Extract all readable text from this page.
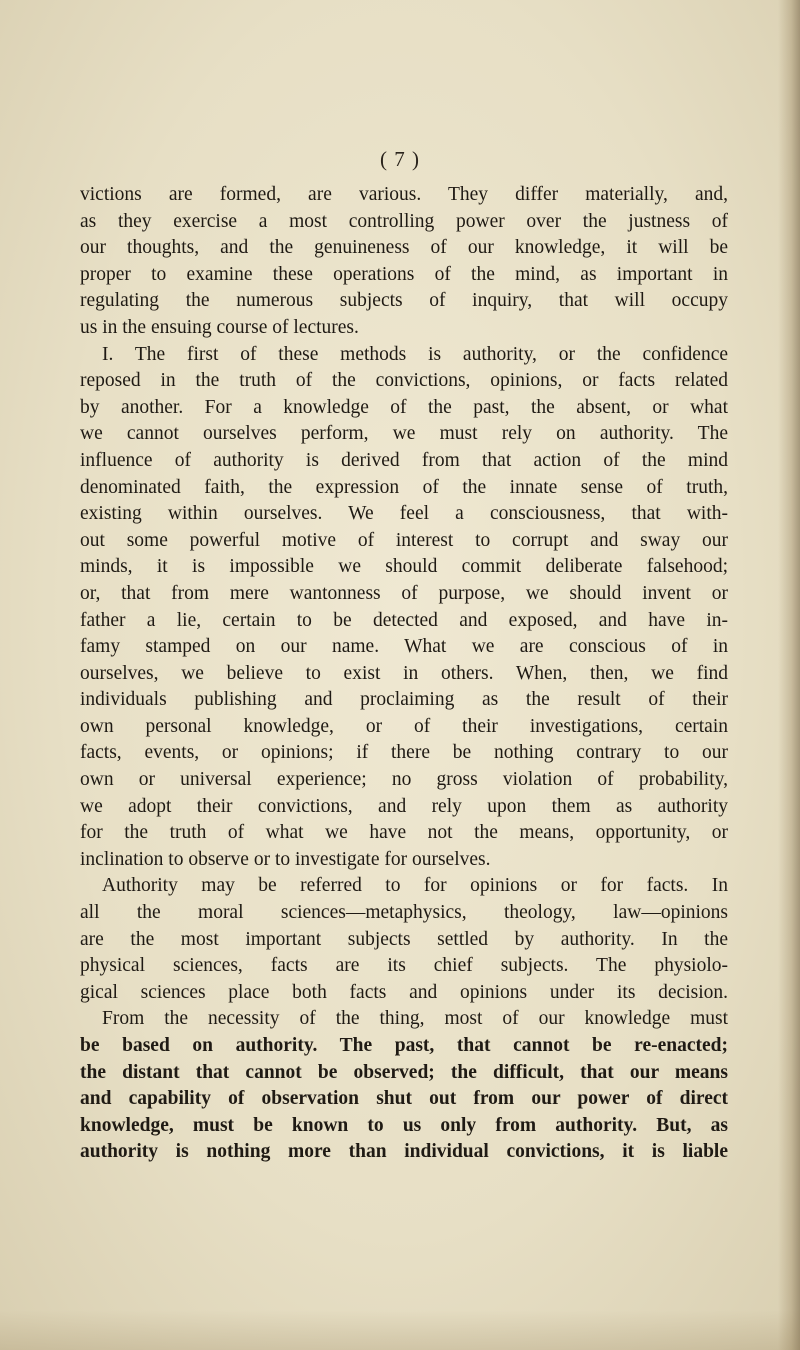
( 7 )
victions are formed, are various. They differ materially, and,
as they exercise a most controlling power over the justness of
our thoughts, and the genuineness of our knowledge, it will be
proper to examine these operations of the mind, as important in
regulating the numerous subjects of inquiry, that will occupy
us in the ensuing course of lectures.
I. The first of these methods is authority, or the confidence
reposed in the truth of the convictions, opinions, or facts related
by another. For a knowledge of the past, the absent, or what
we cannot ourselves perform, we must rely on authority. The
influence of authority is derived from that action of the mind
denominated faith, the expression of the innate sense of truth,
existing within ourselves. We feel a consciousness, that with-
out some powerful motive of interest to corrupt and sway our
minds, it is impossible we should commit deliberate falsehood;
or, that from mere wantonness of purpose, we should invent or
father a lie, certain to be detected and exposed, and have in-
famy stamped on our name. What we are conscious of in
ourselves, we believe to exist in others. When, then, we find
individuals publishing and proclaiming as the result of their
own personal knowledge, or of their investigations, certain
facts, events, or opinions; if there be nothing contrary to our
own or universal experience; no gross violation of probability,
we adopt their convictions, and rely upon them as authority
for the truth of what we have not the means, opportunity, or
inclination to observe or to investigate for ourselves.
Authority may be referred to for opinions or for facts. In
all the moral sciences—metaphysics, theology, law—opinions
are the most important subjects settled by authority. In the
physical sciences, facts are its chief subjects. The physiolo-
gical sciences place both facts and opinions under its decision.
From the necessity of the thing, most of our knowledge must
be based on authority. The past, that cannot be re-enacted;
the distant that cannot be observed; the difficult, that our means
and capability of observation shut out from our power of direct
knowledge, must be known to us only from authority. But, as
authority is nothing more than individual convictions, it is liable
